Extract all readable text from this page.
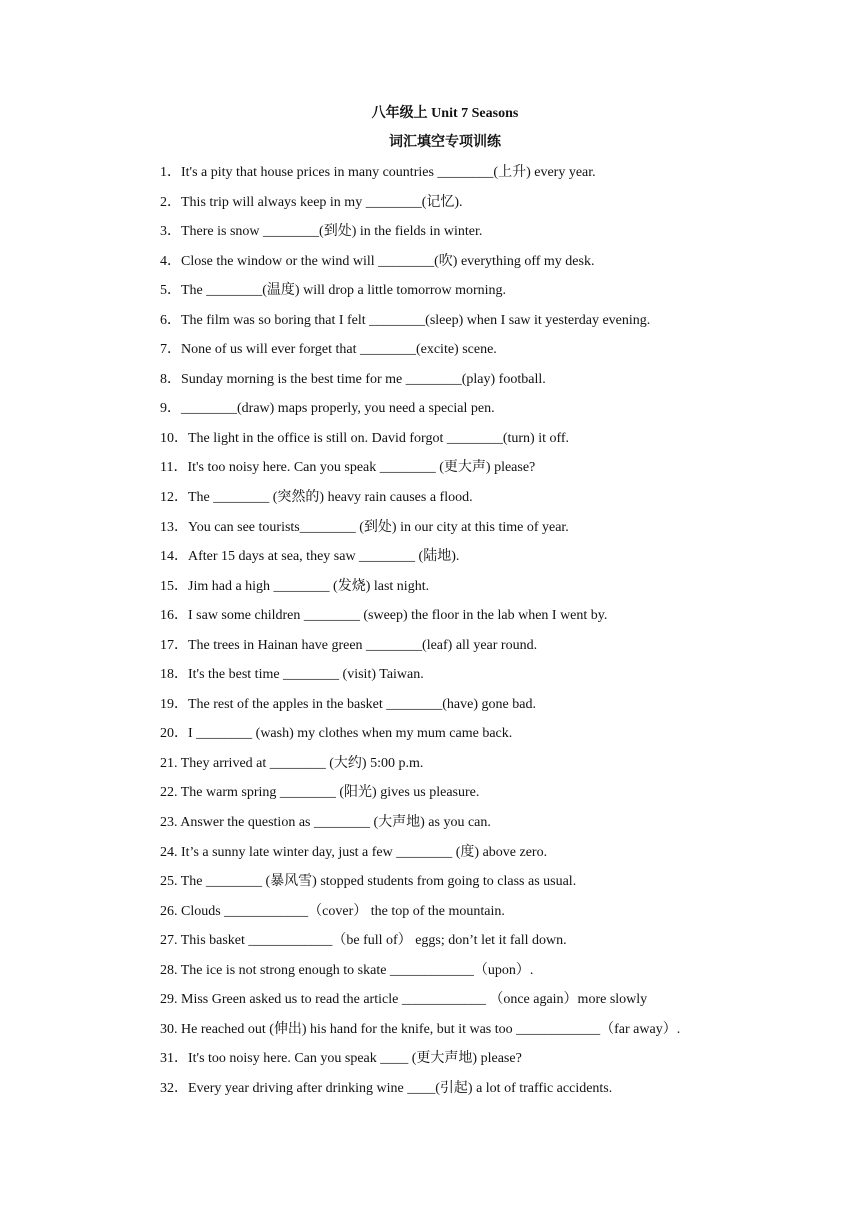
八年级上 Unit 7 Seasons
词汇填空专项训练
1．It's a pity that house prices in many countries ________(上升) every year.
2．This trip will always keep in my ________(记忆).
3．There is snow ________(到处) in the fields in winter.
4．Close the window or the wind will ________(吹) everything off my desk.
5．The ________(温度) will drop a little tomorrow morning.
6．The film was so boring that I felt ________(sleep) when I saw it yesterday evening.
7．None of us will ever forget that ________(excite) scene.
8．Sunday morning is the best time for me ________(play) football.
9．________(draw) maps properly, you need a special pen.
10．The light in the office is still on. David forgot ________(turn) it off.
11．It's too noisy here. Can you speak ________ (更大声) please?
12．The ________ (突然的) heavy rain causes a flood.
13．You can see tourists________ (到处) in our city at this time of year.
14．After 15 days at sea, they saw ________ (陆地).
15．Jim had a high ________ (发烧) last night.
16．I saw some children ________ (sweep) the floor in the lab when I went by.
17．The trees in Hainan have green ________(leaf) all year round.
18．It's the best time ________ (visit) Taiwan.
19．The rest of the apples in the basket ________(have) gone bad.
20．I ________ (wash) my clothes when my mum came back.
21. They arrived at ________ (大约) 5:00 p.m.
22. The warm spring ________ (阳光) gives us pleasure.
23. Answer the question as ________ (大声地) as you can.
24. It’s a sunny late winter day, just a few ________ (度) above zero.
25. The ________ (暴风雪) stopped students from going to class as usual.
26. Clouds ____________（cover） the top of the mountain.
27. This basket ____________（be full of） eggs; don’t let it fall down.
28. The ice is not strong enough to skate ____________（upon）.
29. Miss Green asked us to read the article ____________ （once again）more slowly
30. He reached out (伸出) his hand for the knife, but it was too ____________（far away）.
31．It's too noisy here. Can you speak ____ (更大声地) please?
32．Every year driving after drinking wine ____(引起) a lot of traffic accidents.
